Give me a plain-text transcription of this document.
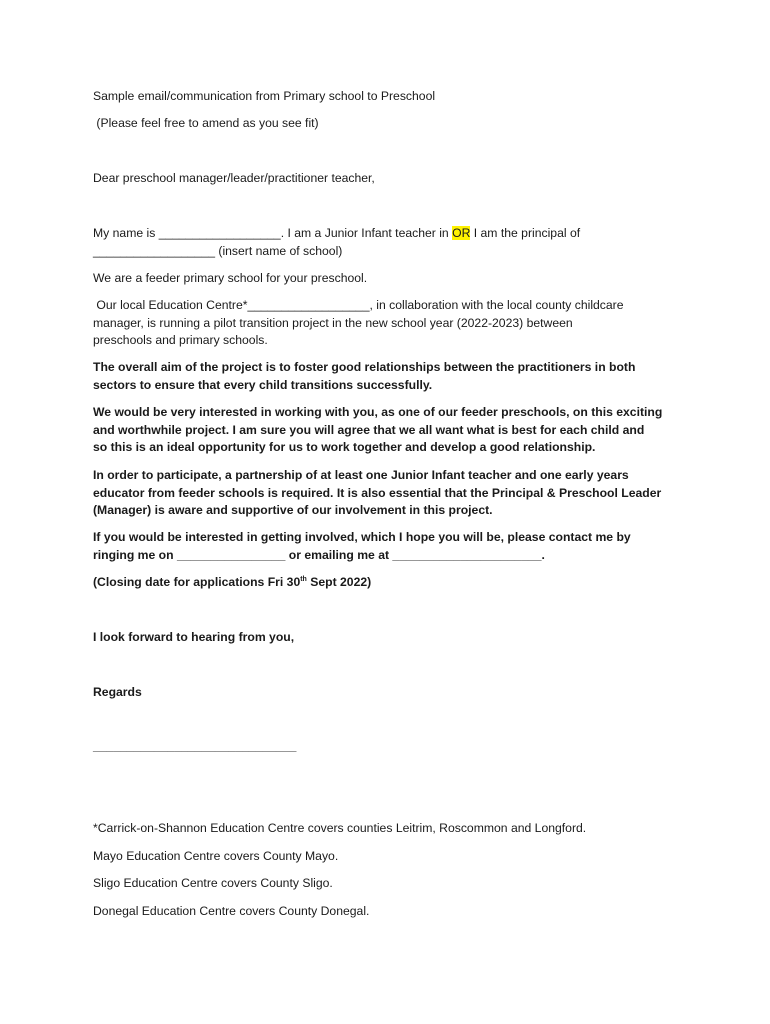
Sample email/communication from Primary school to Preschool

(Please feel free to amend as you see fit)

Dear preschool manager/leader/practitioner teacher,

My name is __________________. I am a Junior Infant teacher in OR I am the principal of

__________________ (insert name of school)

We are a feeder primary school for your preschool.

Our local Education Centre*__________________, in collaboration with the local county childcare

manager, is running a pilot transition project in the new school year (2022-2023) between

preschools and primary schools.

The overall aim of the project is to foster good relationships between the practitioners in both

sectors to ensure that every child transitions successfully.

We would be very interested in working with you, as one of our feeder preschools, on this exciting

and worthwhile project. I am sure you will agree that we all want what is best for each child and

so this is an ideal opportunity for us to work together and develop a good relationship.

In order to participate, a partnership of at least one Junior Infant teacher and one early years

educator from feeder schools is required. It is also essential that the Principal & Preschool Leader

(Manager) is aware and supportive of our involvement in this project.

If you would be interested in getting involved, which I hope you will be, please contact me by

ringing me on ________________ or emailing me at ______________________.

(Closing date for applications Fri 30th Sept 2022)

I look forward to hearing from you,

Regards

______________________________

*Carrick-on-Shannon Education Centre covers counties Leitrim, Roscommon and Longford.

Mayo Education Centre covers County Mayo.

Sligo Education Centre covers County Sligo.

Donegal Education Centre covers County Donegal.
